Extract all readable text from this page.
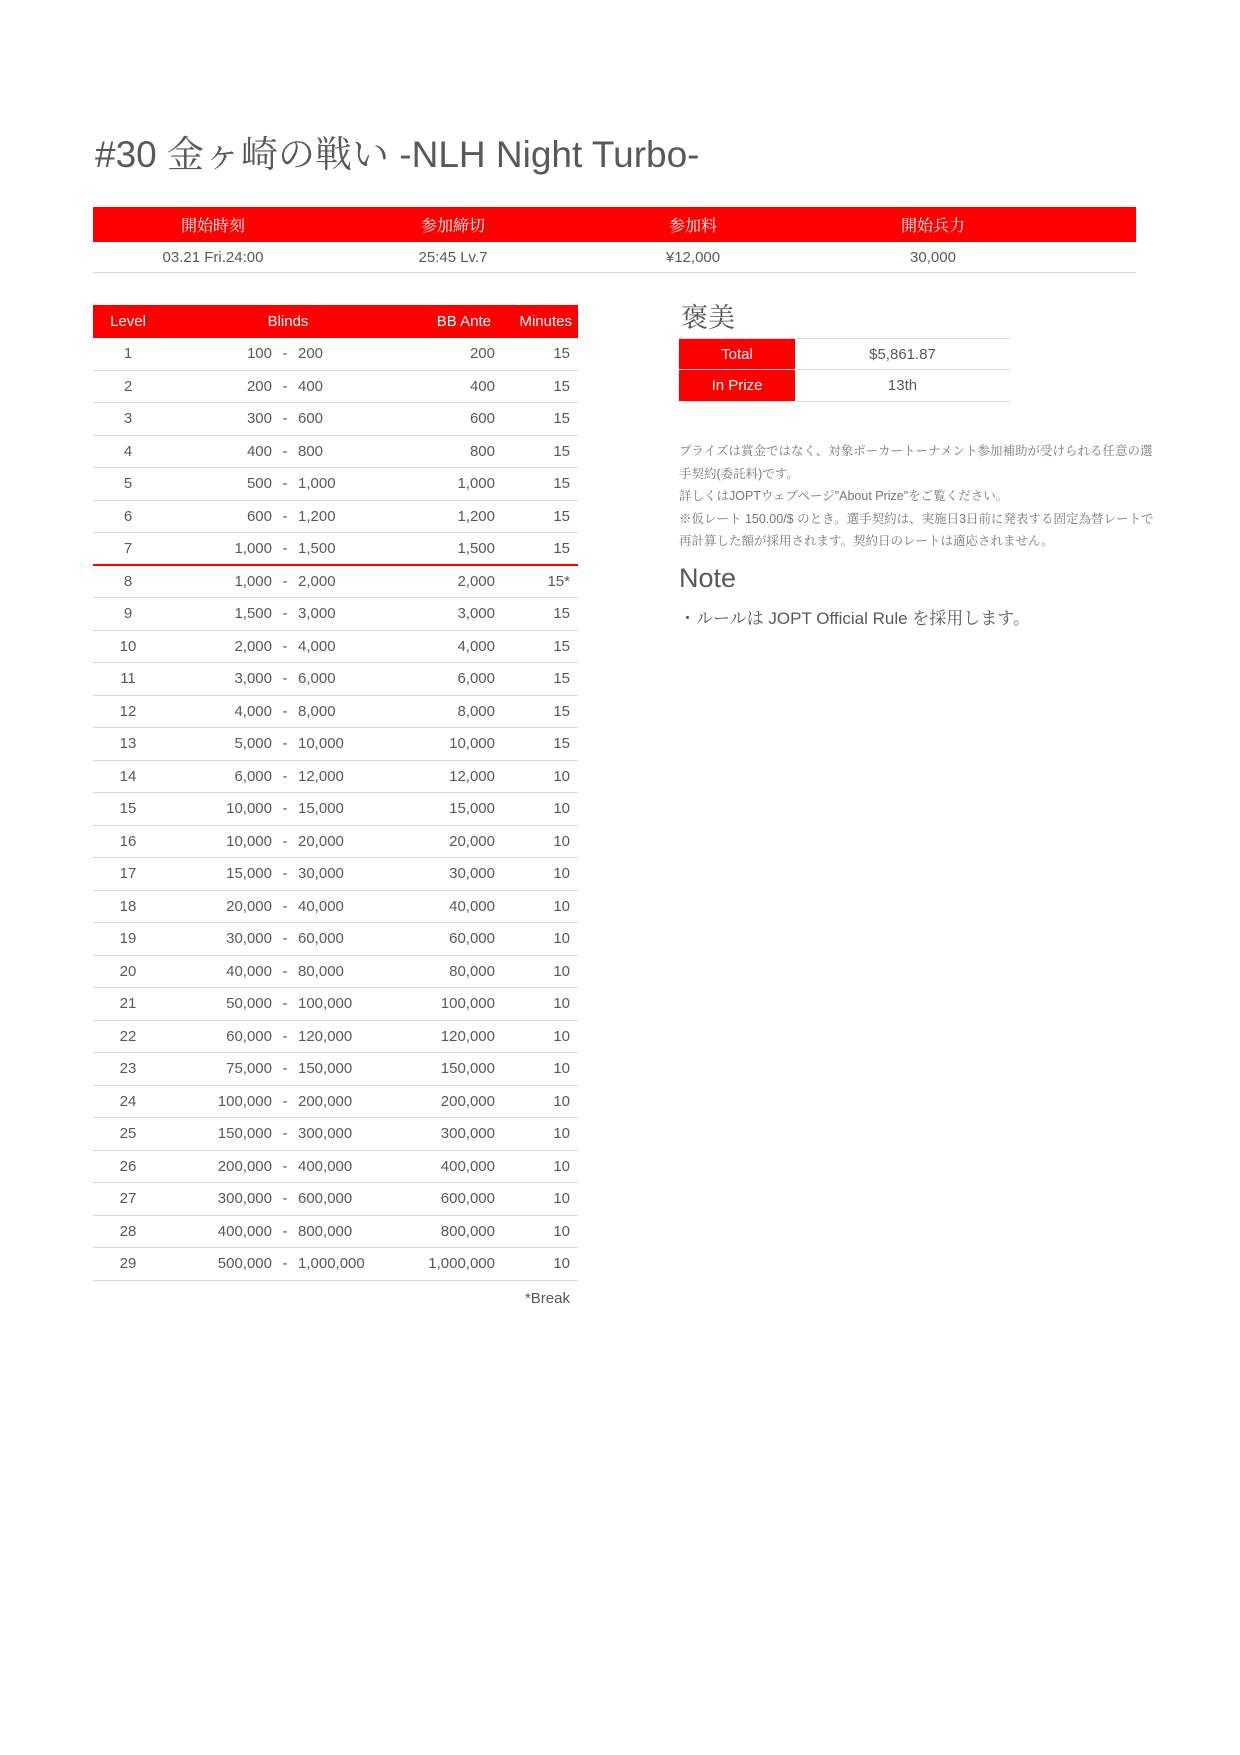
#30 金ヶ崎の戦い -NLH Night Turbo-
開始時刻	参加締切	参加料	開始兵力
03.21 Fri.24:00	25:45 Lv.7	¥12,000	30,000
Level	Blinds	BB Ante	Minutes
1	100 - 200	200	15
2	200 - 400	400	15
3	300 - 600	600	15
4	400 - 800	800	15
5	500 - 1,000	1,000	15
6	600 - 1,200	1,200	15
7	1,000 - 1,500	1,500	15
8	1,000 - 2,000	2,000	15*
9	1,500 - 3,000	3,000	15
10	2,000 - 4,000	4,000	15
11	3,000 - 6,000	6,000	15
12	4,000 - 8,000	8,000	15
13	5,000 - 10,000	10,000	15
14	6,000 - 12,000	12,000	10
15	10,000 - 15,000	15,000	10
16	10,000 - 20,000	20,000	10
17	15,000 - 30,000	30,000	10
18	20,000 - 40,000	40,000	10
19	30,000 - 60,000	60,000	10
20	40,000 - 80,000	80,000	10
21	50,000 - 100,000	100,000	10
22	60,000 - 120,000	120,000	10
23	75,000 - 150,000	150,000	10
24	100,000 - 200,000	200,000	10
25	150,000 - 300,000	300,000	10
26	200,000 - 400,000	400,000	10
27	300,000 - 600,000	600,000	10
28	400,000 - 800,000	800,000	10
29	500,000 - 1,000,000	1,000,000	10
*Break
褒美
Total	$5,861.87
In Prize	13th

プライズは賞金ではなく、対象ポーカートーナメント参加補助が受けられる任意の選手契約(委託料)です。

詳しくはJOPTウェブページ"About Prize"をご覧ください。

※仮レート 150.00/$ のとき。選手契約は、実施日3日前に発表する固定為替レートで再計算した額が採用されます。契約日のレートは適応されません。

Note
・ルールは JOPT Official Rule を採用します。
